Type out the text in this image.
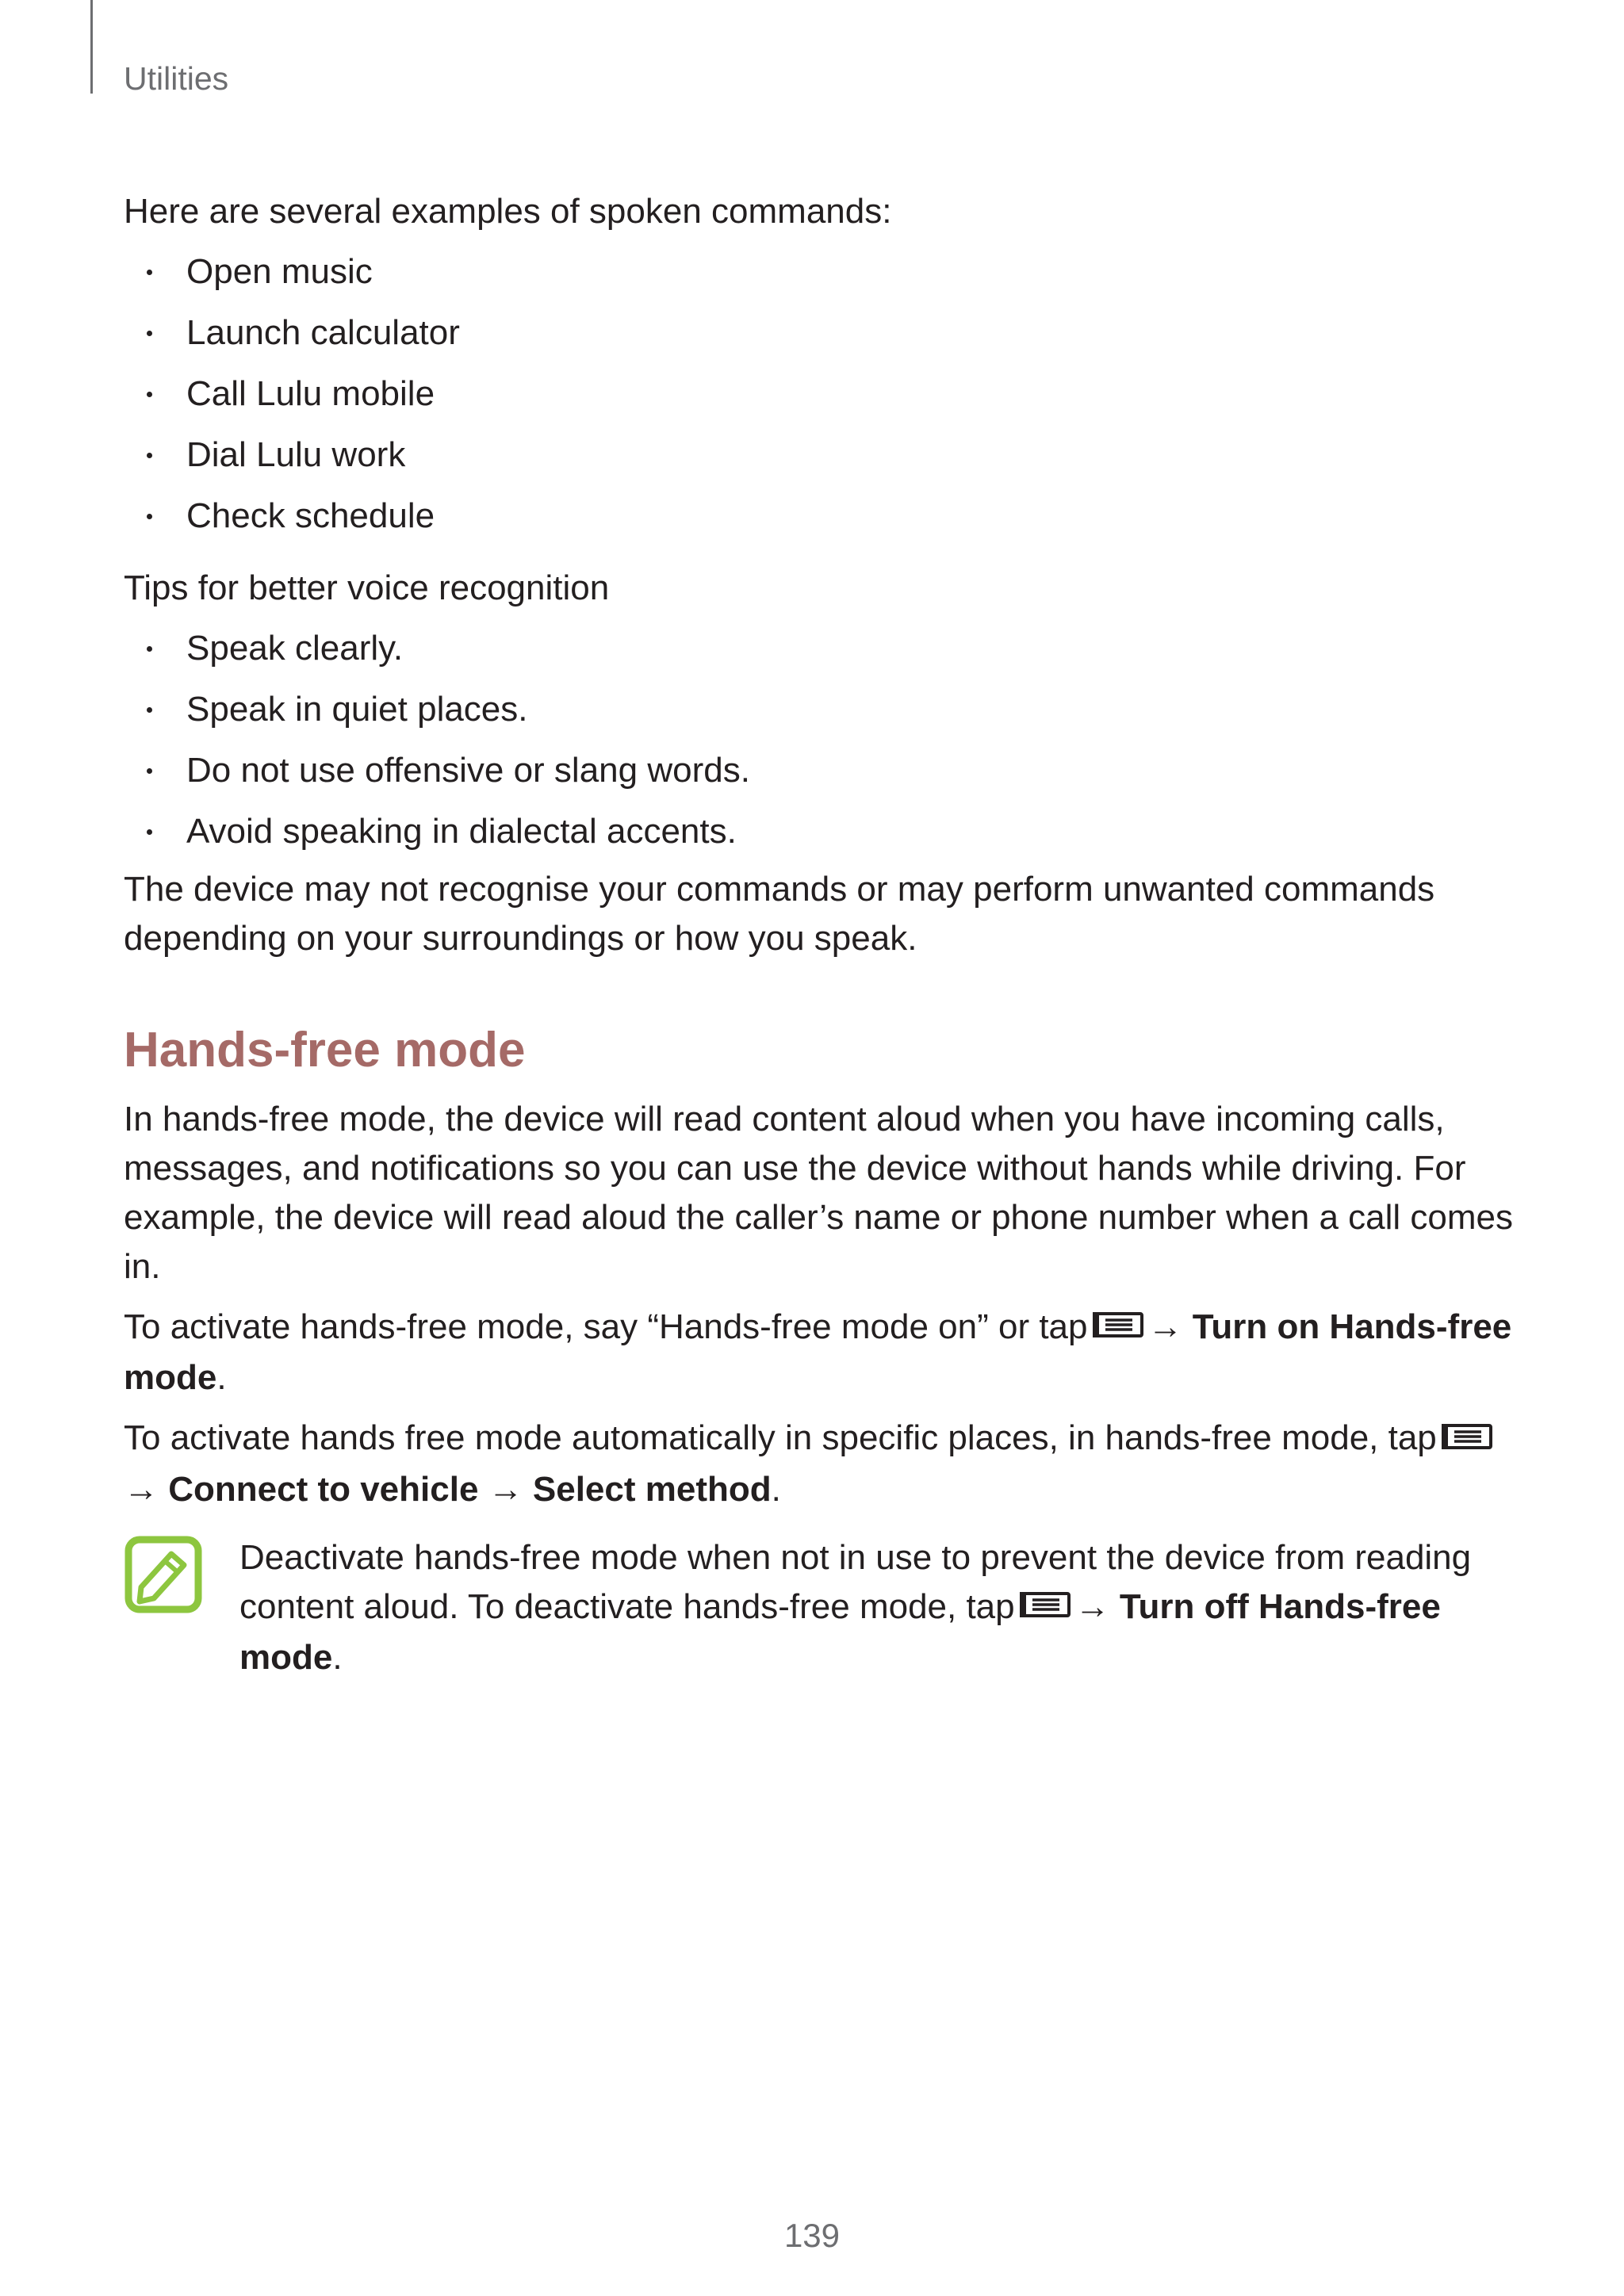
Utilities

Here are several examples of spoken commands:

Open music
Launch calculator
Call Lulu mobile
Dial Lulu work
Check schedule

Tips for better voice recognition

Speak clearly.
Speak in quiet places.
Do not use offensive or slang words.
Avoid speaking in dialectal accents.

The device may not recognise your commands or may perform unwanted commands depending on your surroundings or how you speak.

Hands-free mode

In hands-free mode, the device will read content aloud when you have incoming calls, messages, and notifications so you can use the device without hands while driving. For example, the device will read aloud the caller’s name or phone number when a call comes in.

To activate hands-free mode, say “Hands-free mode on” or tap → Turn on Hands-free mode.

To activate hands free mode automatically in specific places, in hands-free mode, tap→ Connect to vehicle → Select method.

Deactivate hands-free mode when not in use to prevent the device from reading content aloud. To deactivate hands-free mode, tap → Turn off Hands-free mode.

139
